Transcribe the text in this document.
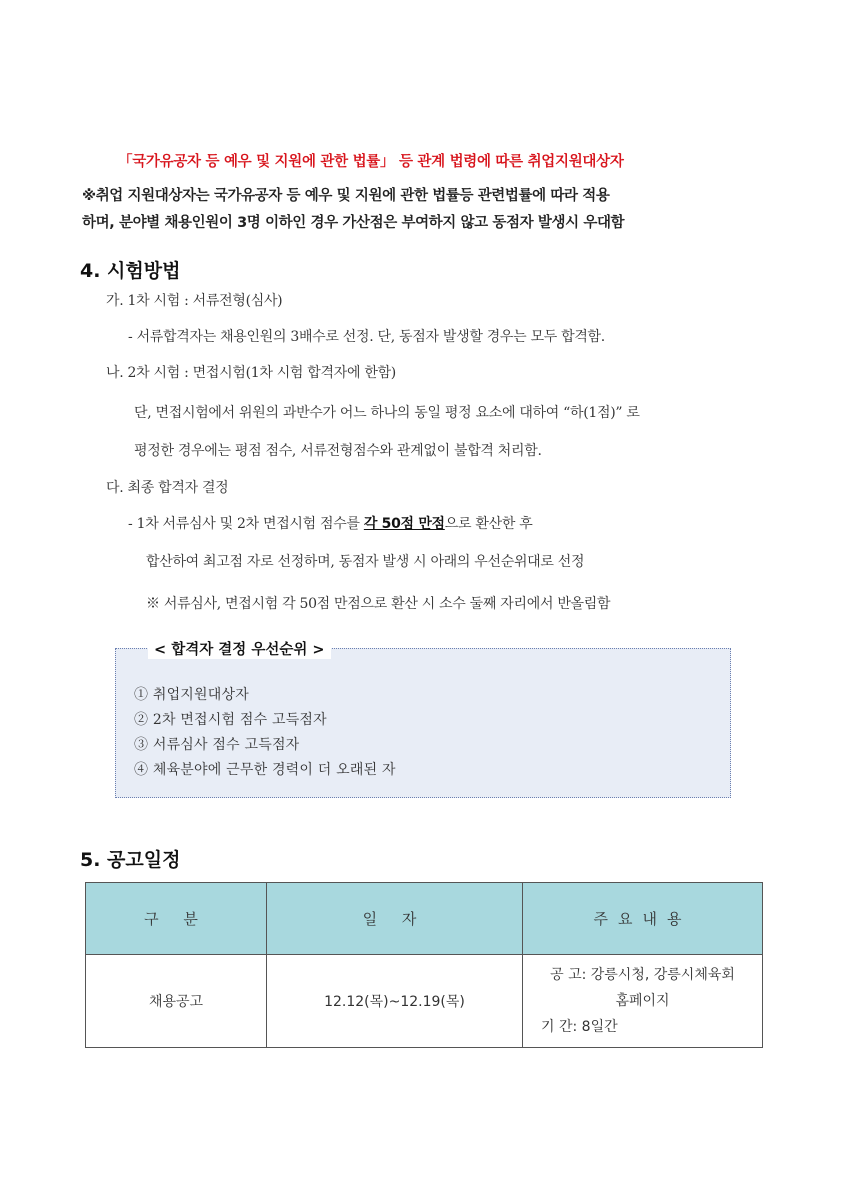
「국가유공자 등 예우 및 지원에 관한 법률」 등 관계 법령에 따른 취업지원대상자
※취업 지원대상자는 국가유공자 등 예우 및 지원에 관한 법률등 관련법률에 따라 적용
하며, 분야별 채용인원이 3명 이하인 경우 가산점은 부여하지 않고 동점자 발생시 우대함
4. 시험방법
가. 1차 시험 : 서류전형(심사)
- 서류합격자는 채용인원의 3배수로 선정. 단, 동점자 발생할 경우는 모두 합격함.
나. 2차 시험 : 면접시험(1차 시험 합격자에 한함)
단, 면접시험에서 위원의 과반수가 어느 하나의 동일 평정 요소에 대하여 “하(1점)” 로
평정한 경우에는 평점 점수, 서류전형점수와 관계없이 불합격 처리함.
다. 최종 합격자 결정
- 1차 서류심사 및 2차 면접시험 점수를 각 50점 만점으로 환산한 후
합산하여 최고점 자로 선정하며, 동점자 발생 시 아래의 우선순위대로 선정
※ 서류심사, 면접시험 각 50점 만점으로 환산 시 소수 둘째 자리에서 반올림함
< 합격자 결정 우선순위 >
① 취업지원대상자
② 2차 면접시험 점수 고득점자
③ 서류심사 점수 고득점자
④ 체육분야에 근무한 경력이 더 오래된 자
5. 공고일정
구 분	일 자	주요내용
채용공고	12.12(목)~12.19(목)	공 고: 강릉시청, 강릉시체육회
홈페이지
기 간: 8일간
